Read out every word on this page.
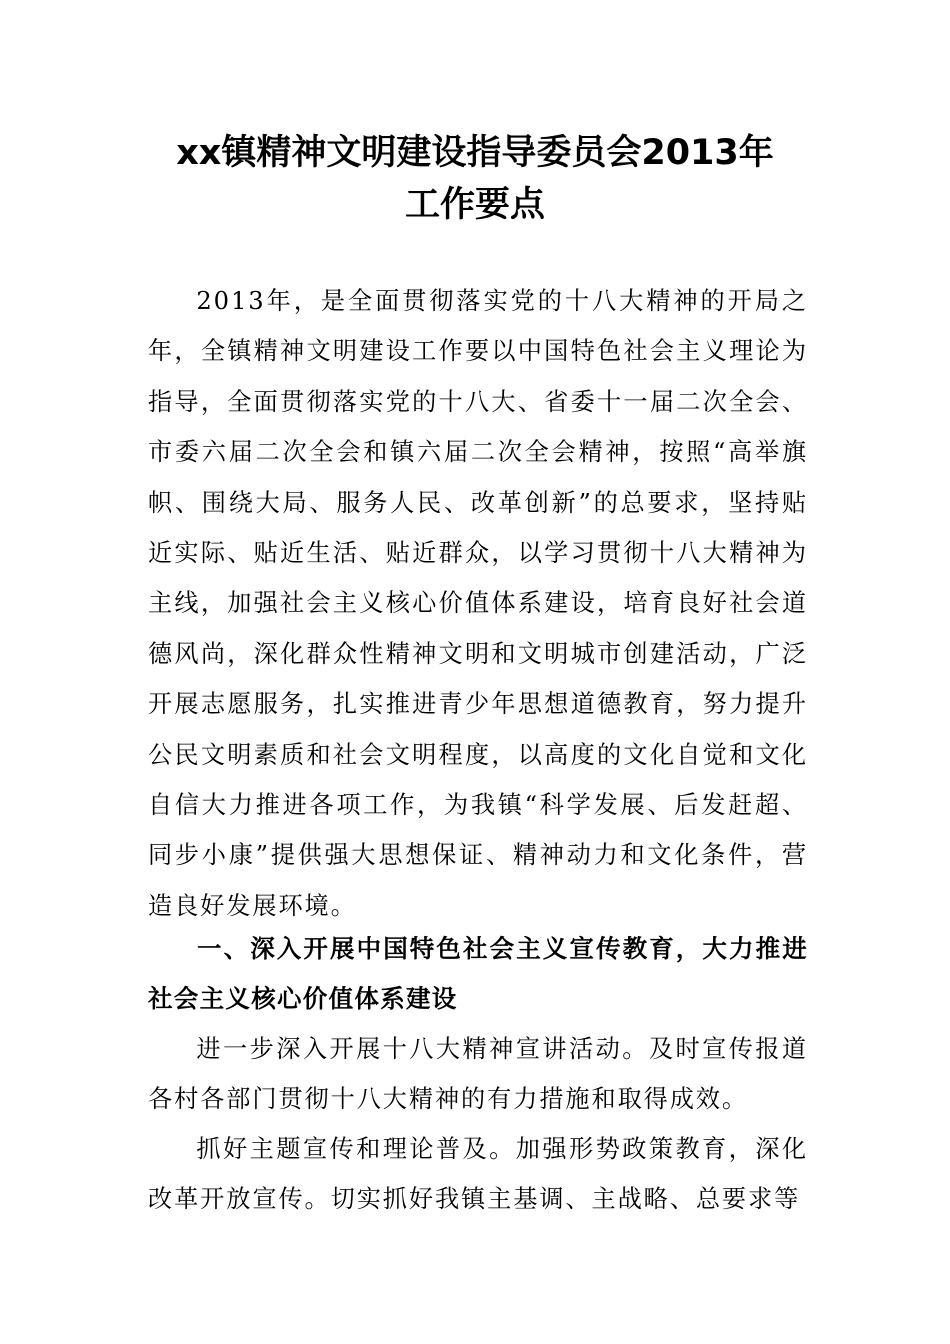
xx镇精神文明建设指导委员会2013年
工作要点

2013年，是全面贯彻落实党的十八大精神的开局之年，全镇精神文明建设工作要以中国特色社会主义理论为指导，全面贯彻落实党的十八大、省委十一届二次全会、市委六届二次全会和镇六届二次全会精神，按照“高举旗帜、围绕大局、服务人民、改革创新”的总要求，坚持贴近实际、贴近生活、贴近群众，以学习贯彻十八大精神为主线，加强社会主义核心价值体系建设，培育良好社会道德风尚，深化群众性精神文明和文明城市创建活动，广泛开展志愿服务，扎实推进青少年思想道德教育，努力提升公民文明素质和社会文明程度，以高度的文化自觉和文化自信大力推进各项工作，为我镇“科学发展、后发赶超、同步小康”提供强大思想保证、精神动力和文化条件，营造良好发展环境。

一、深入开展中国特色社会主义宣传教育，大力推进社会主义核心价值体系建设

进一步深入开展十八大精神宣讲活动。及时宣传报道各村各部门贯彻十八大精神的有力措施和取得成效。

抓好主题宣传和理论普及。加强形势政策教育，深化改革开放宣传。切实抓好我镇主基调、主战略、总要求等
